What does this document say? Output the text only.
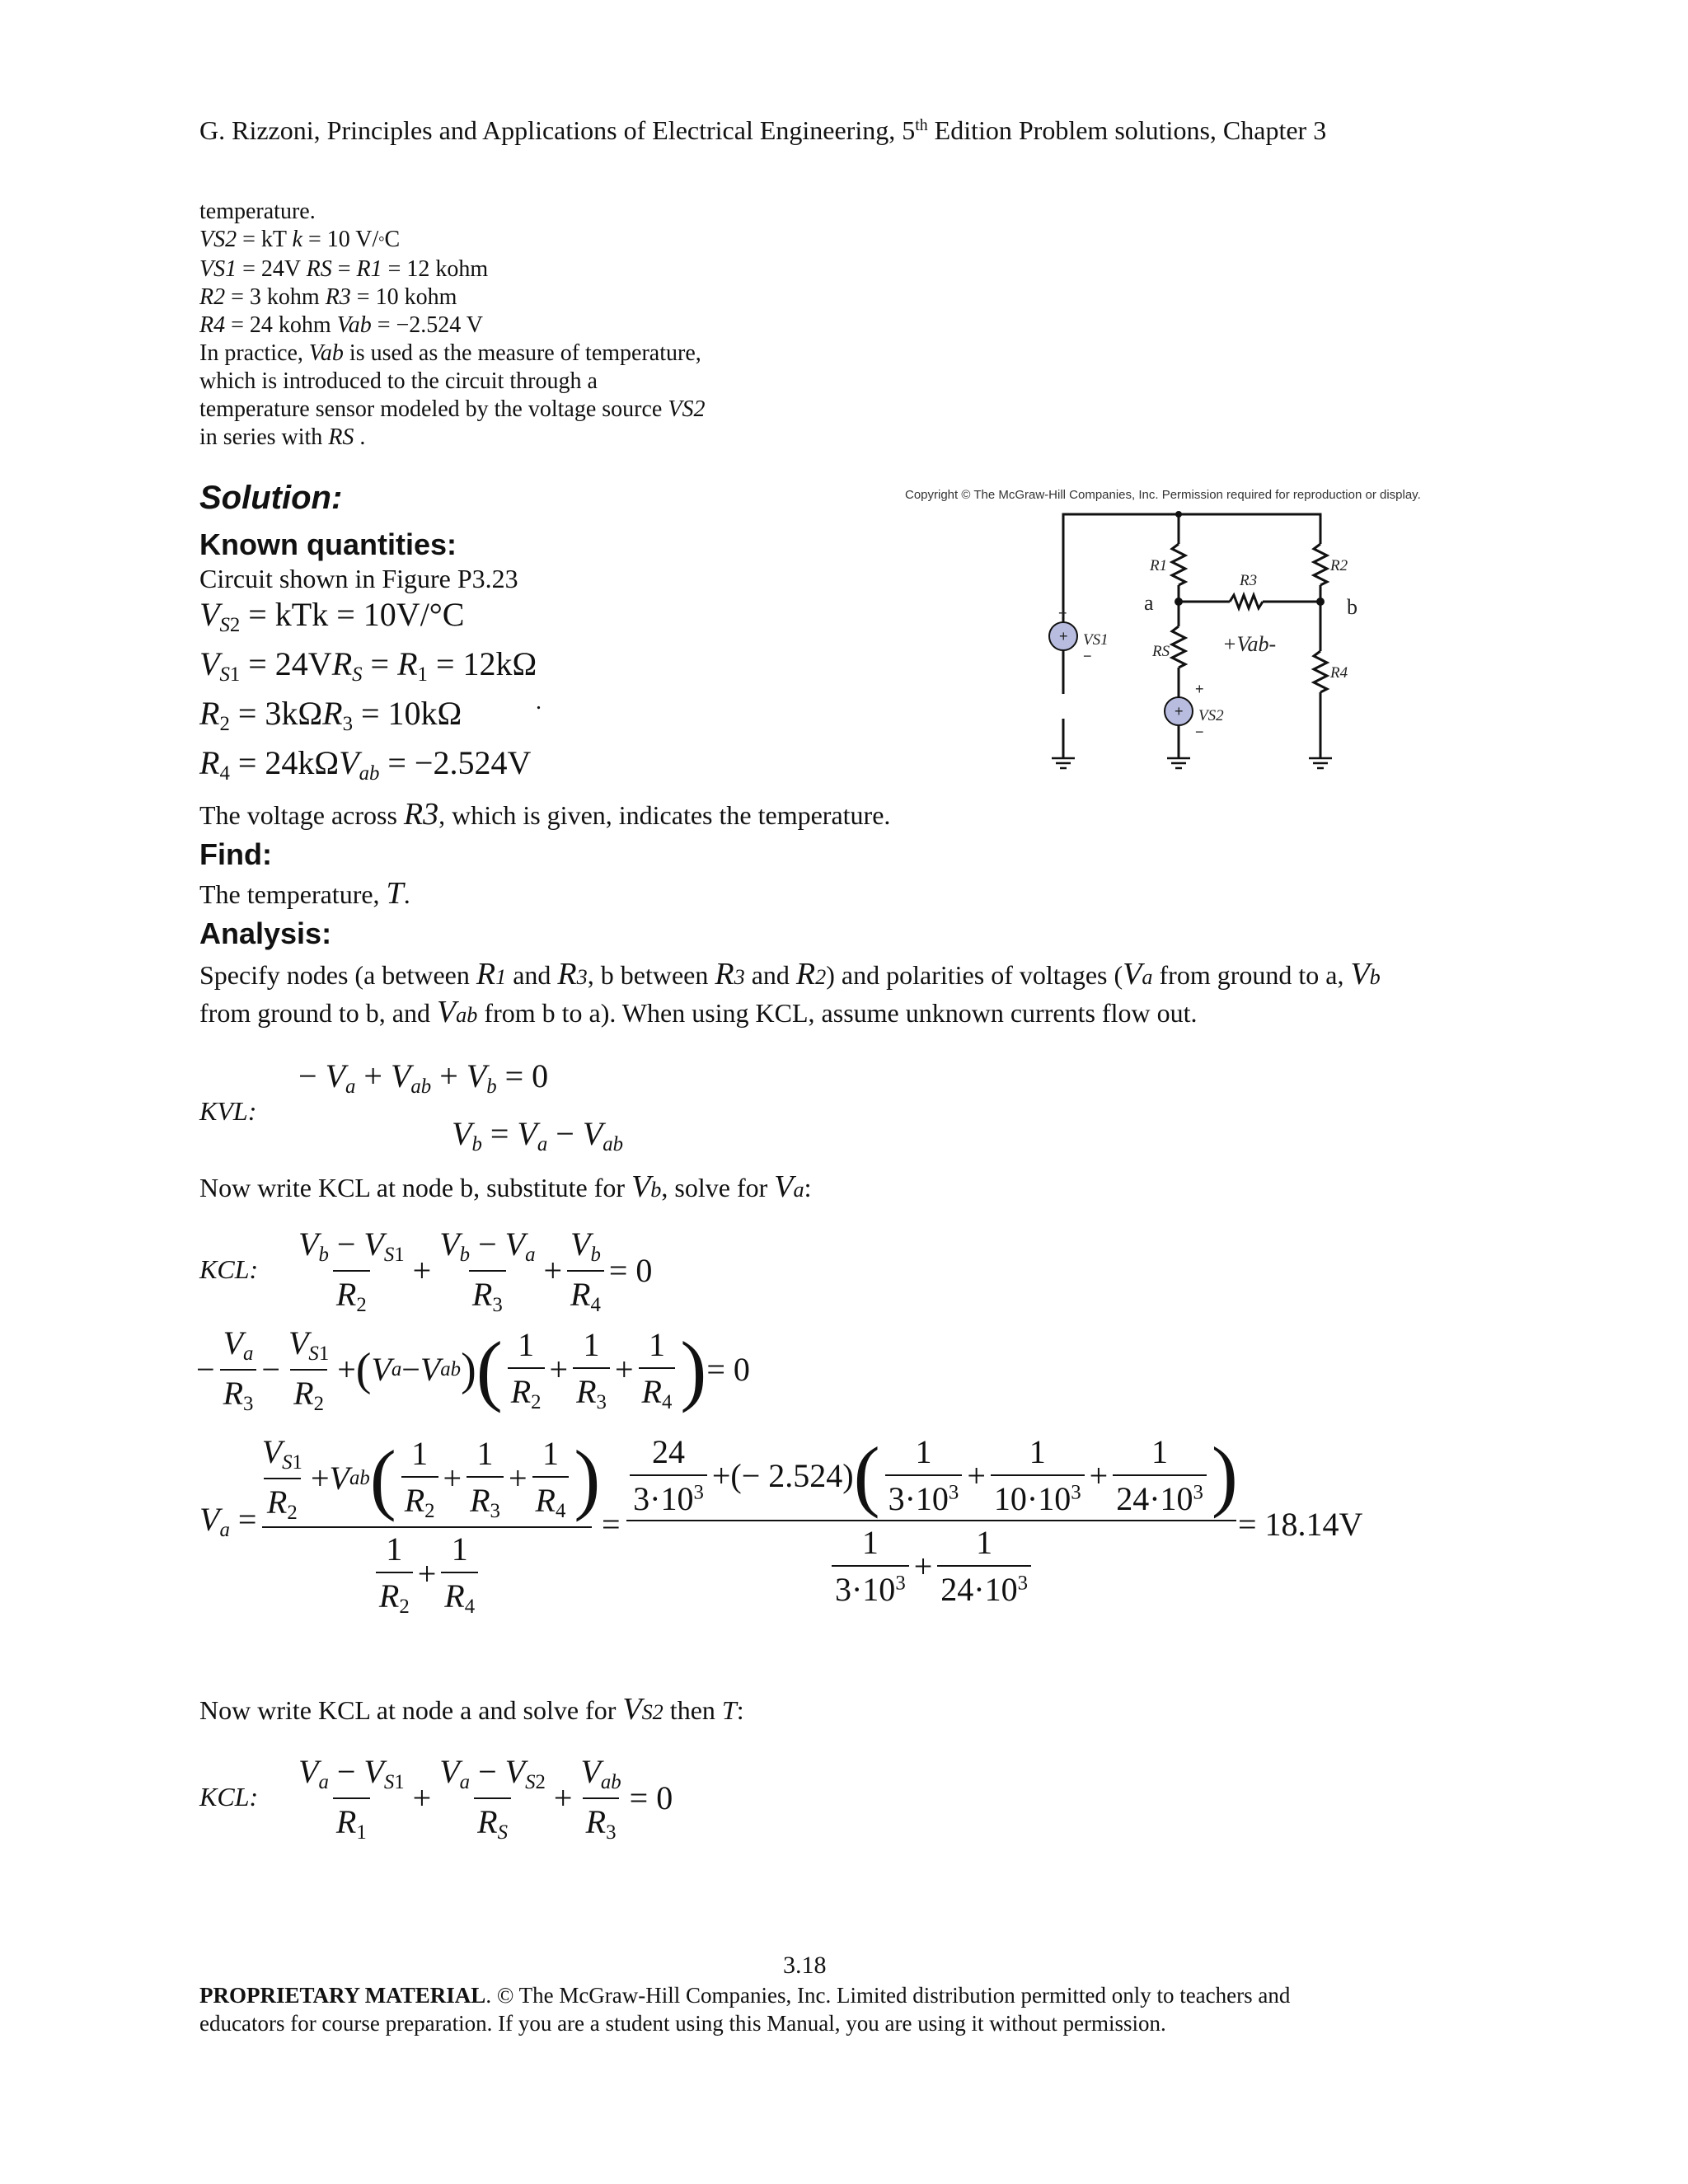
G. Rizzoni, Principles and Applications of Electrical Engineering, 5th Edition Problem solutions, Chapter 3
temperature.
VS2 = kT k = 10 V/°C
VS1 = 24V RS = R1 = 12 kohm
R2 = 3 kohm R3 = 10 kohm
R4 = 24 kohm Vab = −2.524 V
In practice, Vab is used as the measure of temperature,
which is introduced to the circuit through a
temperature sensor modeled by the voltage source VS2
in series with RS .
Copyright © The McGraw-Hill Companies, Inc. Permission required for reproduction or display.
R1
R3
R2
R4
RS
VS1
VS2
a	b
+Vab-
+
+
−
+
+
−
Solution:
Known quantities:
Circuit shown in Figure P3.23
$V_{S2}$ = kTk = 10V/°C
$V_{S1} = 24VR_S = R_1 = 12k\Omega$
$R_2 = 3k\Omega R_3 = 10k\Omega$	.
$R_4 = 24k\Omega V_{ab} = -2.524V$
The voltage across R3, which is given, indicates the temperature.
Find:
The temperature, T.
Analysis:
Specify nodes (a between R1 and R3, b between R3 and R2) and polarities of voltages (Va from ground to a, Vb
from ground to b, and Vab from b to a). When using KCL, assume unknown currents flow out.
KVL:
− $V_a + V_{ab} + V_b = 0$
$V_b = V_a - V_{ab}$
Now write KCL at node b, substitute for Vb, solve for Va:
KCL: $\frac{V_b - V_{S1}}{R_2} + \frac{V_b - V_a}{R_3} + \frac{V_b}{R_4} = 0$
− $\frac{V_a}{R_3} - \frac{V_{S1}}{R_2}$ + ( V a − V ab ) ( $\frac{1}{R_2} + \frac{1}{R_3} + \frac{1}{R_4}$ ) = 0
$V_a = \frac{V_{S1}}{R_2} + V$ ab ( $\frac{1}{R_2} + \frac{1}{R_3} + \frac{1}{R_4}$ )
$\frac{1}{R_2} + \frac{1}{R_4}$
=
$\frac{24}{3\cdot 10^3}$ +(− 2.524) ( $\frac{1}{3\cdot 10^3} + \frac{1}{10\cdot 10^3} + \frac{1}{24\cdot 10^3}$ )
$\frac{1}{3\cdot 10^3} + \frac{1}{24\cdot 10^3}$	= 18.14V
Now write KCL at node a and solve for VS2 then T:
KCL: $\frac{V_a - V_{S1}}{R_1} + \frac{V_a - V_{S2}}{R_S} + \frac{V_{ab}}{R_3} = 0$
3.18
PROPRIETARY MATERIAL. © The McGraw-Hill Companies, Inc. Limited distribution permitted only to teachers and
educators for course preparation. If you are a student using this Manual, you are using it without permission.
